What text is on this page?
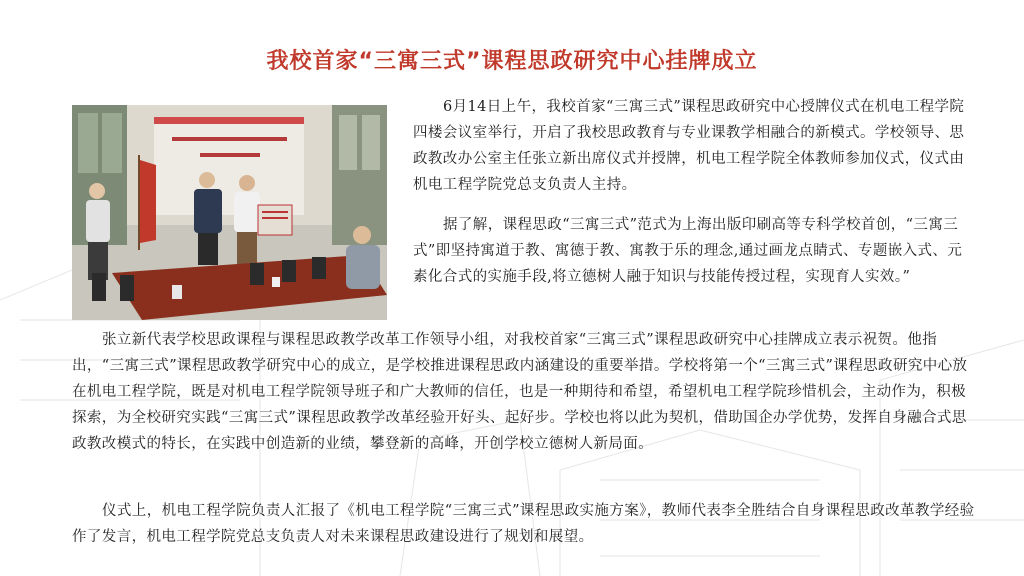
我校首家“三寓三式”课程思政研究中心挂牌成立

6月14日上午，我校首家“三寓三式”课程思政研究中心授牌仪式在机电工程学院四楼会议室举行，开启了我校思政教育与专业课教学相融合的新模式。学校领导、思政教改办公室主任张立新出席仪式并授牌，机电工程学院全体教师参加仪式，仪式由机电工程学院党总支负责人主持。

据了解，课程思政“三寓三式”范式为上海出版印刷高等专科学校首创，“三寓三式”即坚持寓道于教、寓德于教、寓教于乐的理念,通过画龙点睛式、专题嵌入式、元素化合式的实施手段,将立德树人融于知识与技能传授过程，实现育人实效。”

张立新代表学校思政课程与课程思政教学改革工作领导小组，对我校首家“三寓三式”课程思政研究中心挂牌成立表示祝贺。他指出，“三寓三式”课程思政教学研究中心的成立，是学校推进课程思政内涵建设的重要举措。学校将第一个“三寓三式”课程思政研究中心放在机电工程学院，既是对机电工程学院领导班子和广大教师的信任，也是一种期待和希望，希望机电工程学院珍惜机会，主动作为，积极探索，为全校研究实践“三寓三式”课程思政教学改革经验开好头、起好步。学校也将以此为契机，借助国企办学优势，发挥自身融合式思政教改模式的特长，在实践中创造新的业绩，攀登新的高峰，开创学校立德树人新局面。

仪式上，机电工程学院负责人汇报了《机电工程学院“三寓三式”课程思政实施方案》，教师代表李全胜结合自身课程思政改革教学经验作了发言，机电工程学院党总支负责人对未来课程思政建设进行了规划和展望。
